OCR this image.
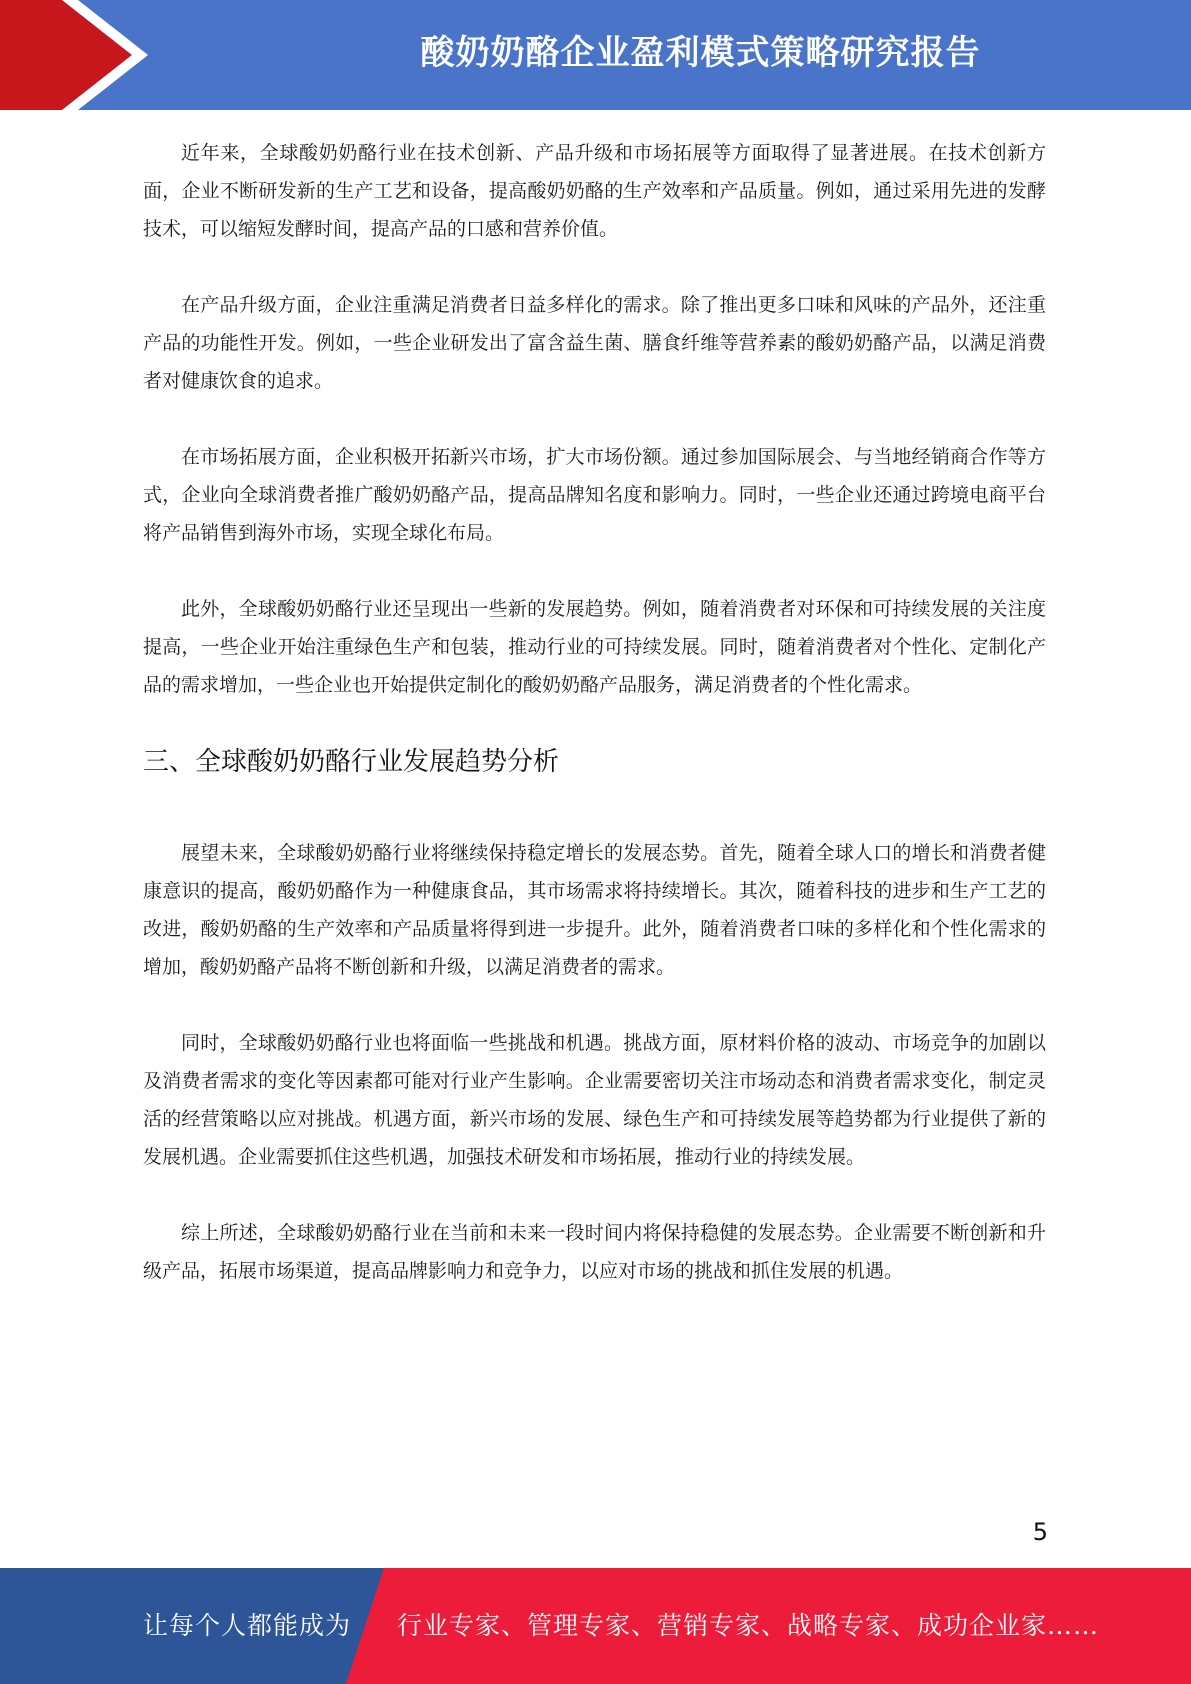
酸奶奶酪企业盈利模式策略研究报告

近年来，全球酸奶奶酪行业在技术创新、产品升级和市场拓展等方面取得了显著进展。在技术创新方面，企业不断研发新的生产工艺和设备，提高酸奶奶酪的生产效率和产品质量。例如，通过采用先进的发酵技术，可以缩短发酵时间，提高产品的口感和营养价值。

在产品升级方面，企业注重满足消费者日益多样化的需求。除了推出更多口味和风味的产品外，还注重产品的功能性开发。例如，一些企业研发出了富含益生菌、膳食纤维等营养素的酸奶奶酪产品，以满足消费者对健康饮食的追求。

在市场拓展方面，企业积极开拓新兴市场，扩大市场份额。通过参加国际展会、与当地经销商合作等方式，企业向全球消费者推广酸奶奶酪产品，提高品牌知名度和影响力。同时，一些企业还通过跨境电商平台将产品销售到海外市场，实现全球化布局。

此外，全球酸奶奶酪行业还呈现出一些新的发展趋势。例如，随着消费者对环保和可持续发展的关注度提高，一些企业开始注重绿色生产和包装，推动行业的可持续发展。同时，随着消费者对个性化、定制化产品的需求增加，一些企业也开始提供定制化的酸奶奶酪产品服务，满足消费者的个性化需求。

三、全球酸奶奶酪行业发展趋势分析

展望未来，全球酸奶奶酪行业将继续保持稳定增长的发展态势。首先，随着全球人口的增长和消费者健康意识的提高，酸奶奶酪作为一种健康食品，其市场需求将持续增长。其次，随着科技的进步和生产工艺的改进，酸奶奶酪的生产效率和产品质量将得到进一步提升。此外，随着消费者口味的多样化和个性化需求的增加，酸奶奶酪产品将不断创新和升级，以满足消费者的需求。

同时，全球酸奶奶酪行业也将面临一些挑战和机遇。挑战方面，原材料价格的波动、市场竞争的加剧以及消费者需求的变化等因素都可能对行业产生影响。企业需要密切关注市场动态和消费者需求变化，制定灵活的经营策略以应对挑战。机遇方面，新兴市场的发展、绿色生产和可持续发展等趋势都为行业提供了新的发展机遇。企业需要抓住这些机遇，加强技术研发和市场拓展，推动行业的持续发展。

综上所述，全球酸奶奶酪行业在当前和未来一段时间内将保持稳健的发展态势。企业需要不断创新和升级产品，拓展市场渠道，提高品牌影响力和竞争力，以应对市场的挑战和抓住发展的机遇。

5
让每个人都能成为 行业专家、管理专家、营销专家、战略专家、成功企业家……
